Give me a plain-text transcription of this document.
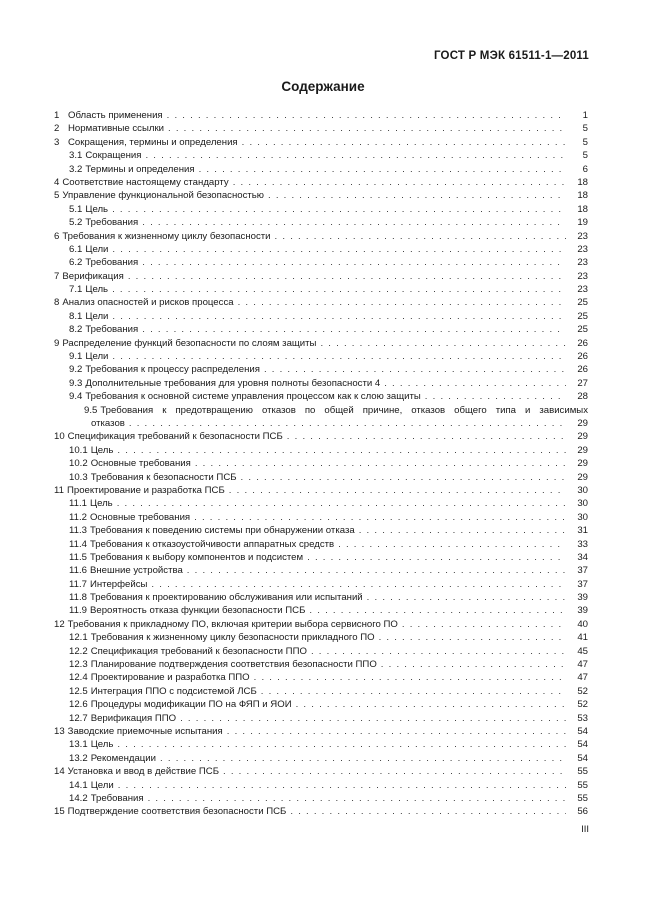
ГОСТ Р МЭК 61511-1—2011
Содержание
1 Область применения . . .	1
2 Нормативные ссылки . . .	5
3 Сокращения, термины и определения . . .	5
3.1 Сокращения . . .	5
3.2 Термины и определения . . .	6
4 Соответствие настоящему стандарту . . .	18
5 Управление функциональной безопасностью . . .	18
5.1 Цель . . .	18
5.2 Требования . . .	19
6 Требования к жизненному циклу безопасности . . .	23
6.1 Цели . . .	23
6.2 Требования . . .	23
7 Верификация . . .	23
7.1 Цель . . .	23
8 Анализ опасностей и рисков процесса . . .	25
8.1 Цели . . .	25
8.2 Требования . . .	25
9 Распределение функций безопасности по слоям защиты . . .	26
9.1 Цели . . .	26
9.2 Требования к процессу распределения . . .	26
9.3 Дополнительные требования для уровня полноты безопасности 4 . . .	27
9.4 Требования к основной системе управления процессом как к слою защиты . . .	28
9.5 Требования к предотвращению отказов по общей причине, отказов общего типа и зависимых
отказов . . .	29
10 Спецификация требований к безопасности ПСБ . . .	29
10.1 Цель . . .	29
10.2 Основные требования . . .	29
10.3 Требования к безопасности ПСБ . . .	29
11 Проектирование и разработка ПСБ . . .	30
11.1 Цель . . .	30
11.2 Основные требования . . .	30
11.3 Требования к поведению системы при обнаружении отказа . . .	31
11.4 Требования к отказоустойчивости аппаратных средств . . .	33
11.5 Требования к выбору компонентов и подсистем . . .	34
11.6 Внешние устройства . . .	37
11.7 Интерфейсы . . .	37
11.8 Требования к проектированию обслуживания или испытаний . . .	39
11.9 Вероятность отказа функции безопасности ПСБ . . .	39
12 Требования к прикладному ПО, включая критерии выбора сервисного ПО . . .	40
12.1 Требования к жизненному циклу безопасности прикладного ПО . . .	41
12.2 Спецификация требований к безопасности ППО . . .	45
12.3 Планирование подтверждения соответствия безопасности ППО . . .	47
12.4 Проектирование и разработка ППО . . .	47
12.5 Интеграция ППО с подсистемой ЛСБ . . .	52
12.6 Процедуры модификации ПО на ФЯП и ЯОИ . . .	52
12.7 Верификация ППО . . .	53
13 Заводские приемочные испытания . . .	54
13.1 Цель . . .	54
13.2 Рекомендации . . .	54
14 Установка и ввод в действие ПСБ . . .	55
14.1 Цели . . .	55
14.2 Требования . . .	55
15 Подтверждение соответствия безопасности ПСБ . . .	56
III
